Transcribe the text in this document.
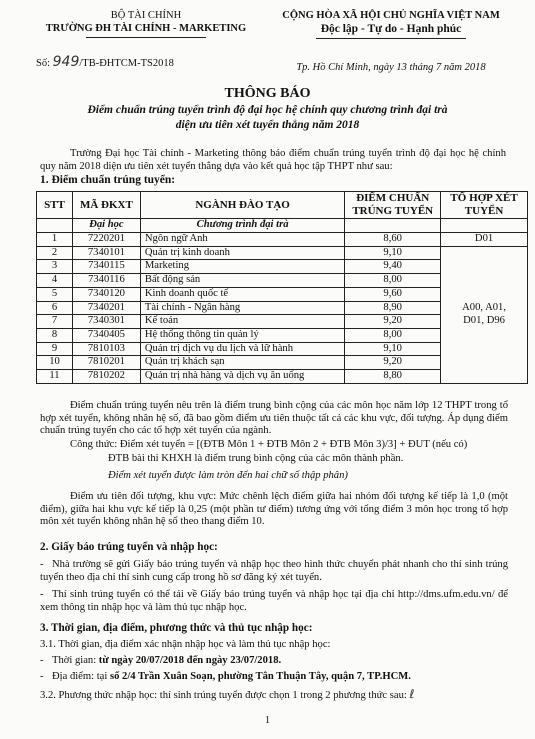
BỘ TÀI CHÍNH
TRƯỜNG ĐH TÀI CHÍNH - MARKETING
Số: 949/TB-ĐHTCM-TS2018
CỘNG HÒA XÃ HỘI CHỦ NGHĨA VIỆT NAM
Độc lập - Tự do - Hạnh phúc
Tp. Hồ Chí Minh, ngày 13 tháng 7 năm 2018
THÔNG BÁO
Điểm chuẩn trúng tuyển trình độ đại học hệ chính quy chương trình đại trà
diện ưu tiên xét tuyển thẳng năm 2018
Trường Đại học Tài chính - Marketing thông báo điểm chuẩn trúng tuyển trình độ đại học hệ chính quy năm 2018 diện ưu tiên xét tuyển thẳng dựa vào kết quả học tập THPT như sau:
1. Điểm chuẩn trúng tuyển:
STT	MÃ ĐKXT	NGÀNH ĐÀO TẠO	ĐIỂM CHUẨN TRÚNG TUYỂN	TỔ HỢP XÉT TUYỂN
	Đại học	Chương trình đại trà		
1	7220201	Ngôn ngữ Anh	8,60	D01
2	7340101	Quản trị kinh doanh	9,10	A00, A01,
D01, D96

3	7340115	Marketing	9,40	
4	7340116	Bất động sản	8,00	
5	7340120	Kinh doanh quốc tế	9,60	
6	7340201	Tài chính - Ngân hàng	8,90	
7	7340301	Kế toán	9,20	
8	7340405	Hệ thống thông tin quản lý	8,00	
9	7810103	Quản trị dịch vụ du lịch và lữ hành	9,10	
10	7810201	Quản trị khách sạn	9,20	
11	7810202	Quản trị nhà hàng và dịch vụ ăn uống	8,80	
Điểm chuẩn trúng tuyển nêu trên là điểm trung bình cộng của các môn học năm lớp 12 THPT trong tổ hợp xét tuyển, không nhân hệ số, đã bao gồm điểm ưu tiên thuộc tất cả các khu vực, đối tượng. Áp dụng điểm chuẩn trúng tuyển cho các tổ hợp xét tuyển của ngành.
Công thức: Điểm xét tuyển = [(ĐTB Môn 1 + ĐTB Môn 2 + ĐTB Môn 3)/3] + ĐUT (nếu có)
ĐTB bài thi KHXH là điểm trung bình cộng của các môn thành phần.
Điểm xét tuyển được làm tròn đến hai chữ số thập phân)
Điểm ưu tiên đối tượng, khu vực: Mức chênh lệch điểm giữa hai nhóm đối tượng kế tiếp là 1,0 (một điểm), giữa hai khu vực kế tiếp là 0,25 (một phần tư điểm) tương ứng với tổng điểm 3 môn học trong tổ hợp môn xét tuyển không nhân hệ số theo thang điểm 10.
2. Giấy báo trúng tuyển và nhập học:
- Nhà trường sẽ gửi Giấy báo trúng tuyển và nhập học theo hình thức chuyển phát nhanh cho thí sinh trúng tuyển theo địa chỉ thí sinh cung cấp trong hồ sơ đăng ký xét tuyển.
- Thí sinh trúng tuyển có thể tải về Giấy báo trúng tuyển và nhập học tại địa chỉ http://dms.ufm.edu.vn/ để xem thông tin nhập học và làm thủ tục nhập học.
3. Thời gian, địa điểm, phương thức và thủ tục nhập học:
3.1. Thời gian, địa điểm xác nhận nhập học và làm thủ tục nhập học:
- Thời gian: từ ngày 20/07/2018 đến ngày 23/07/2018.
- Địa điểm: tại số 2/4 Trần Xuân Soạn, phường Tân Thuận Tây, quận 7, TP.HCM.
3.2. Phương thức nhập học: thí sinh trúng tuyển được chọn 1 trong 2 phương thức sau: ℓ
1
